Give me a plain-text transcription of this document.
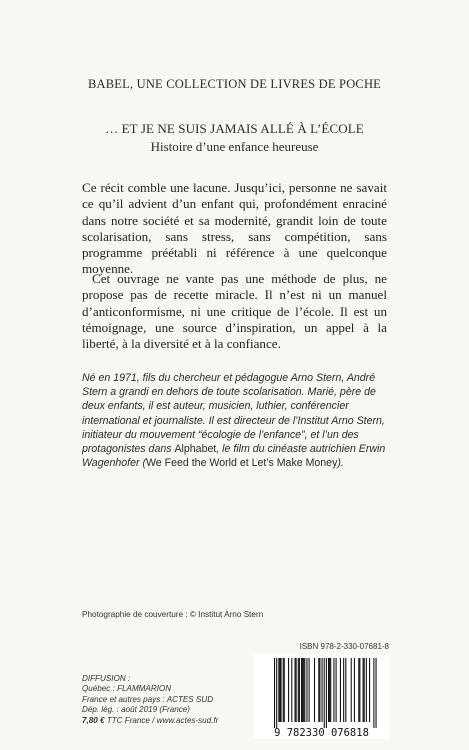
BABEL, UNE COLLECTION DE LIVRES DE POCHE
… ET JE NE SUIS JAMAIS ALLÉ À L’ÉCOLE
Histoire d’une enfance heureuse

Ce récit comble une lacune. Jusqu’ici, personne ne savait ce qu’il advient d’un enfant qui, profondément enraciné dans notre société et sa modernité, grandit loin de toute scolarisation, sans stress, sans compétition, sans programme préétabli ni référence à une quelconque moyenne.

Cet ouvrage ne vante pas une méthode de plus, ne propose pas de recette miracle. Il n’est ni un manuel d’anticonformisme, ni une critique de l’école. Il est un témoignage, une source d’inspiration, un appel à la liberté, à la diversité et à la confiance.

Né en 1971, fils du chercheur et pédagogue Arno Stern, André Stern a grandi en dehors de toute scolarisation. Marié, père de deux enfants, il est auteur, musicien, luthier, conférencier international et journaliste. Il est directeur de l’Institut Arno Stern, initiateur du mouvement “écologie de l’enfance”, et l’un des protagonistes dans Alphabet, le film du cinéaste autrichien Erwin Wagenhofer (We Feed the World et Let’s Make Money).

Photographie de couverture : © Institut Arno Stern
ISBN 978-2-330-07681-8
9 782330 076818
DIFFUSION :
Québec : FLAMMARION
France et autres pays : ACTES SUD
Dép. lég. : août 2019 (France)
7,80 € TTC France / www.actes-sud.fr
